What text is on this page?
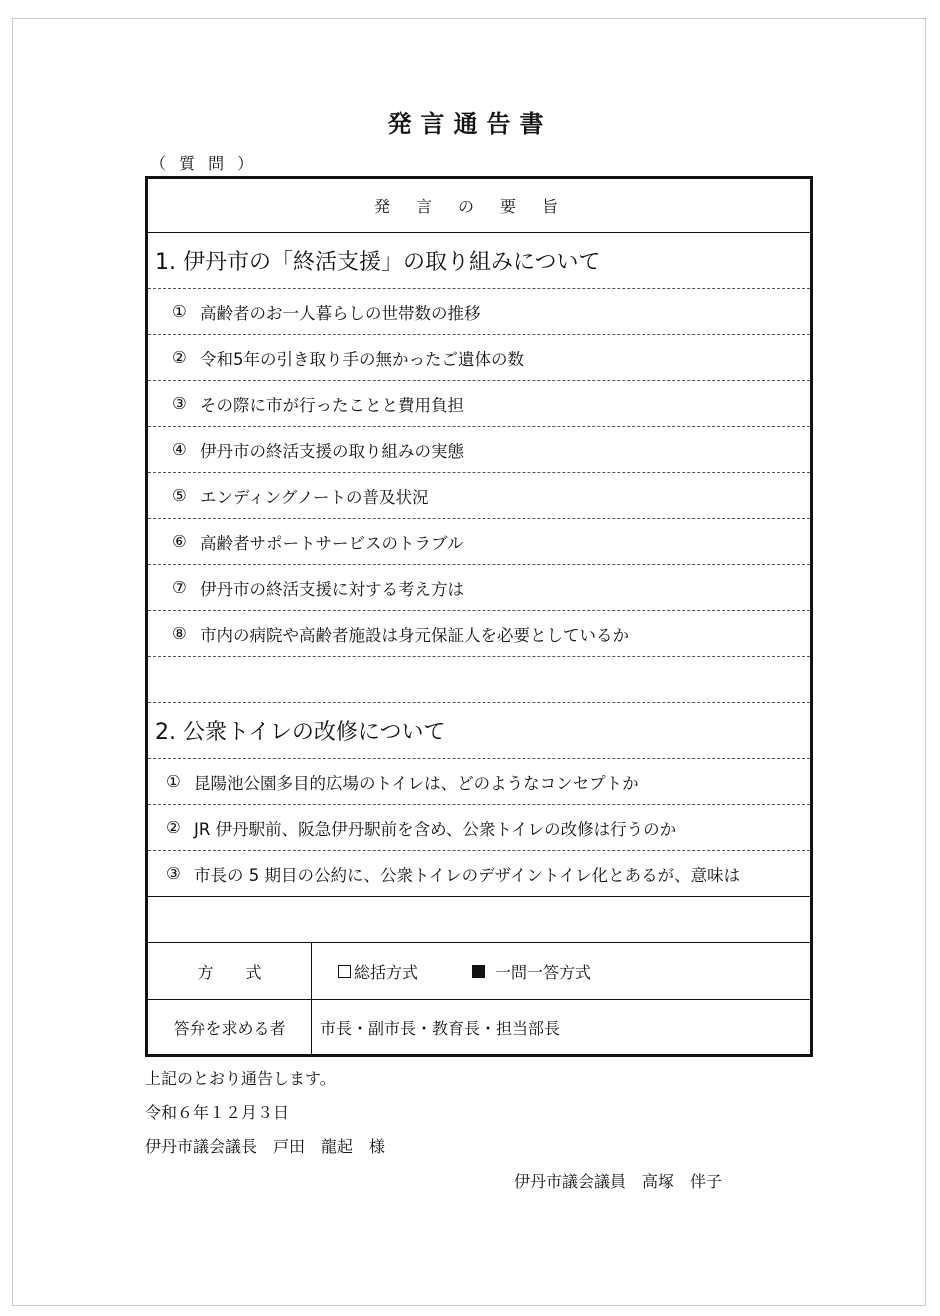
発言通告書
（ 質 問 ）
発言の要旨
1. 伊丹市の「終活支援」の取り組みについて
① 高齢者のお一人暮らしの世帯数の推移
② 令和5年の引き取り手の無かったご遺体の数
③ その際に市が行ったことと費用負担
④ 伊丹市の終活支援の取り組みの実態
⑤ エンディングノートの普及状況
⑥ 高齢者サポートサービスのトラブル
⑦ 伊丹市の終活支援に対する考え方は
⑧ 市内の病院や高齢者施設は身元保証人を必要としているか
2. 公衆トイレの改修について
① 昆陽池公園多目的広場のトイレは、どのようなコンセプトか
② JR 伊丹駅前、阪急伊丹駅前を含め、公衆トイレの改修は行うのか
③ 市長の 5 期目の公約に、公衆トイレのデザイントイレ化とあるが、意味は
方　　式	総括方式	一問一答方式
答弁を求める者	市長・副市長・教育長・担当部長
上記のとおり通告します。
令和６年１２月３日
伊丹市議会議長　戸田　龍起　様
伊丹市議会議員　高塚　伴子
